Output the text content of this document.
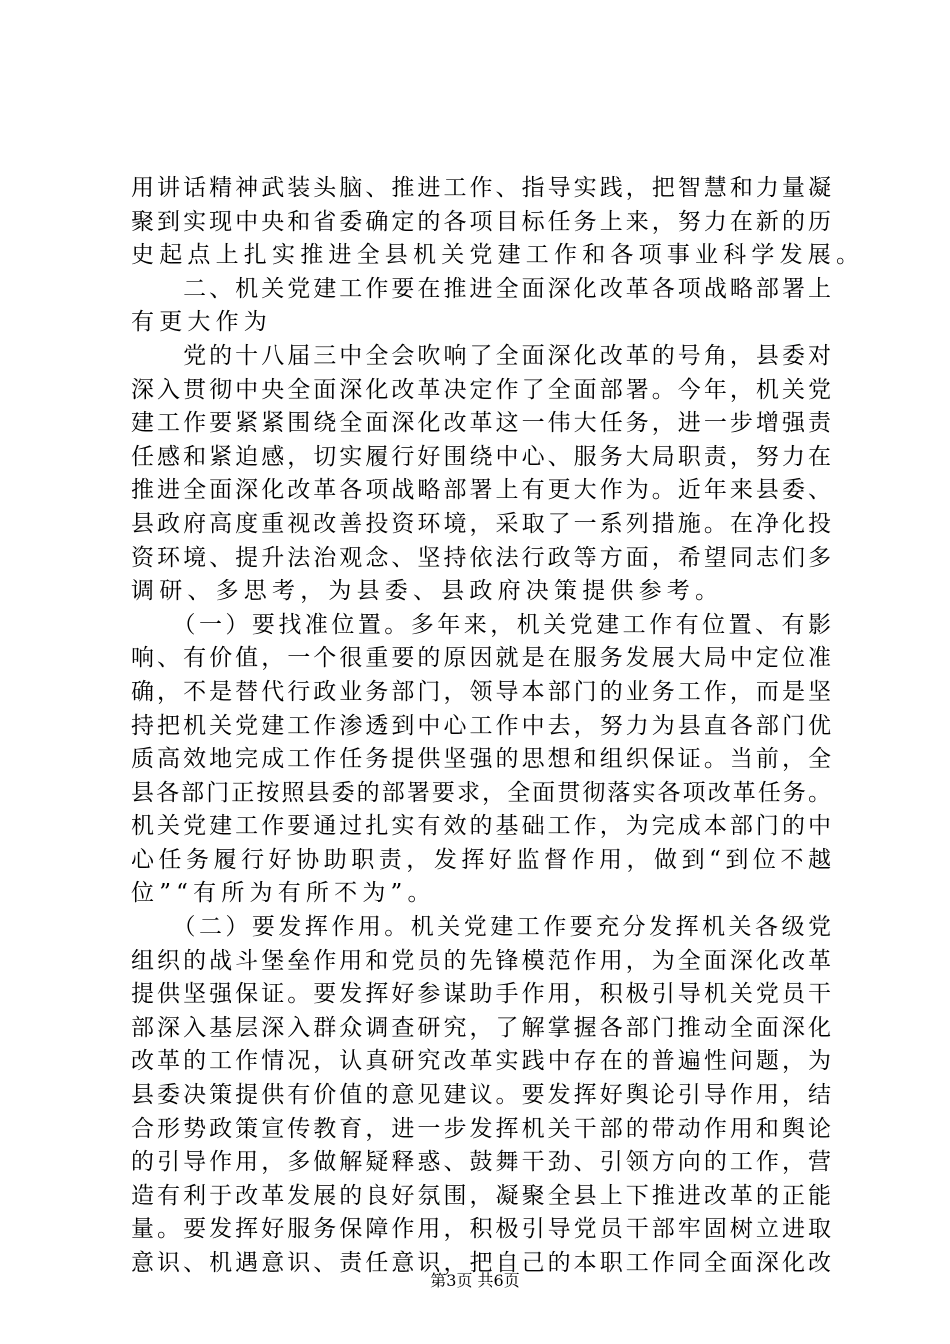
用讲话精神武装头脑、推进工作、指导实践，把智慧和力量凝
聚到实现中央和省委确定的各项目标任务上来，努力在新的历
史起点上扎实推进全县机关党建工作和各项事业科学发展。
　　二、机关党建工作要在推进全面深化改革各项战略部署上
有更大作为
　　党的十八届三中全会吹响了全面深化改革的号角，县委对
深入贯彻中央全面深化改革决定作了全面部署。今年，机关党
建工作要紧紧围绕全面深化改革这一伟大任务，进一步增强责
任感和紧迫感，切实履行好围绕中心、服务大局职责，努力在
推进全面深化改革各项战略部署上有更大作为。近年来县委、
县政府高度重视改善投资环境，采取了一系列措施。在净化投
资环境、提升法治观念、坚持依法行政等方面，希望同志们多
调研、多思考，为县委、县政府决策提供参考。
　　（一）要找准位置。多年来，机关党建工作有位置、有影
响、有价值，一个很重要的原因就是在服务发展大局中定位准
确，不是替代行政业务部门，领导本部门的业务工作，而是坚
持把机关党建工作渗透到中心工作中去，努力为县直各部门优
质高效地完成工作任务提供坚强的思想和组织保证。当前，全
县各部门正按照县委的部署要求，全面贯彻落实各项改革任务。
机关党建工作要通过扎实有效的基础工作，为完成本部门的中
心任务履行好协助职责，发挥好监督作用，做到“到位不越
位”“有所为有所不为”。
　　（二）要发挥作用。机关党建工作要充分发挥机关各级党
组织的战斗堡垒作用和党员的先锋模范作用，为全面深化改革
提供坚强保证。要发挥好参谋助手作用，积极引导机关党员干
部深入基层深入群众调查研究，了解掌握各部门推动全面深化
改革的工作情况，认真研究改革实践中存在的普遍性问题，为
县委决策提供有价值的意见建议。要发挥好舆论引导作用，结
合形势政策宣传教育，进一步发挥机关干部的带动作用和舆论
的引导作用，多做解疑释惑、鼓舞干劲、引领方向的工作，营
造有利于改革发展的良好氛围，凝聚全县上下推进改革的正能
量。要发挥好服务保障作用，积极引导党员干部牢固树立进取
意识、机遇意识、责任意识，把自己的本职工作同全面深化改
第3页 共6页
